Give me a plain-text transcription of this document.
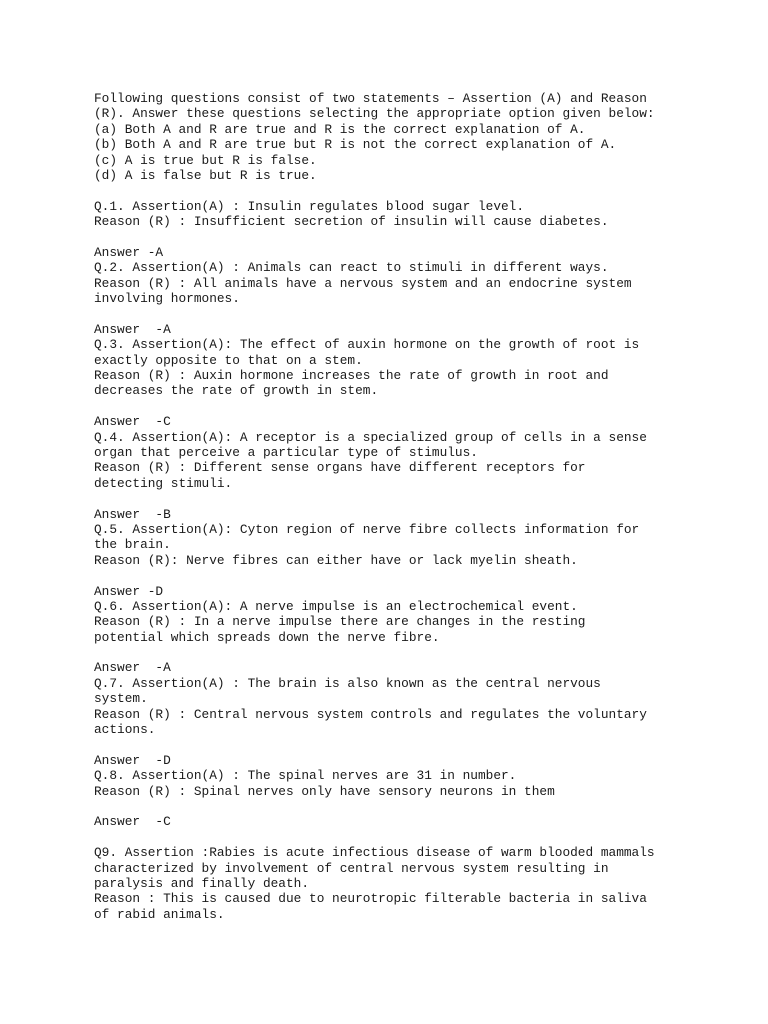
Following questions consist of two statements – Assertion (A) and Reason
(R). Answer these questions selecting the appropriate option given below:
(a) Both A and R are true and R is the correct explanation of A.
(b) Both A and R are true but R is not the correct explanation of A.
(c) A is true but R is false.
(d) A is false but R is true.
Q.1. Assertion(A) : Insulin regulates blood sugar level.
Reason (R) : Insufficient secretion of insulin will cause diabetes.
Answer -A
Q.2. Assertion(A) : Animals can react to stimuli in different ways.
Reason (R) : All animals have a nervous system and an endocrine system
involving hormones.
Answer  -A
Q.3. Assertion(A): The effect of auxin hormone on the growth of root is
exactly opposite to that on a stem.
Reason (R) : Auxin hormone increases the rate of growth in root and
decreases the rate of growth in stem.
Answer  -C
Q.4. Assertion(A): A receptor is a specialized group of cells in a sense
organ that perceive a particular type of stimulus.
Reason (R) : Different sense organs have different receptors for
detecting stimuli.
Answer  -B
Q.5. Assertion(A): Cyton region of nerve fibre collects information for
the brain.
Reason (R): Nerve fibres can either have or lack myelin sheath.
Answer -D
Q.6. Assertion(A): A nerve impulse is an electrochemical event.
Reason (R) : In a nerve impulse there are changes in the resting
potential which spreads down the nerve fibre.
Answer  -A
Q.7. Assertion(A) : The brain is also known as the central nervous
system.
Reason (R) : Central nervous system controls and regulates the voluntary
actions.
Answer  -D
Q.8. Assertion(A) : The spinal nerves are 31 in number.
Reason (R) : Spinal nerves only have sensory neurons in them
Answer  -C
Q9. Assertion :Rabies is acute infectious disease of warm blooded mammals
characterized by involvement of central nervous system resulting in
paralysis and finally death.
Reason : This is caused due to neurotropic filterable bacteria in saliva
of rabid animals.
